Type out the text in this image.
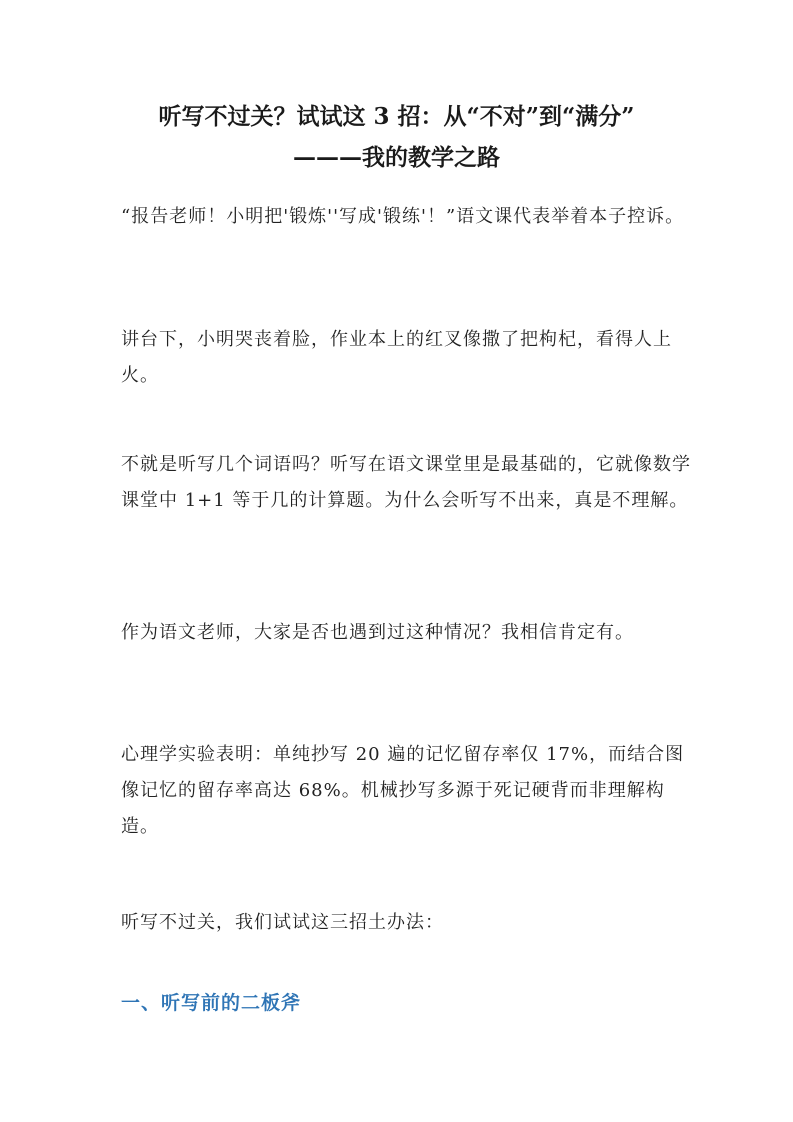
听写不过关？试试这 3 招：从“不对”到“满分”
———我的教学之路

“报告老师！小明把'锻炼''写成'锻练'！”语文课代表举着本子控诉。

讲台下，小明哭丧着脸，作业本上的红叉像撒了把枸杞，看得人上火。

不就是听写几个词语吗？听写在语文课堂里是最基础的，它就像数学课堂中 1+1 等于几的计算题。为什么会听写不出来，真是不理解。

作为语文老师，大家是否也遇到过这种情况？我相信肯定有。

心理学实验表明：单纯抄写 20 遍的记忆留存率仅 17%，而结合图像记忆的留存率高达 68%。机械抄写多源于死记硬背而非理解构造。

听写不过关，我们试试这三招土办法：

一、听写前的二板斧
